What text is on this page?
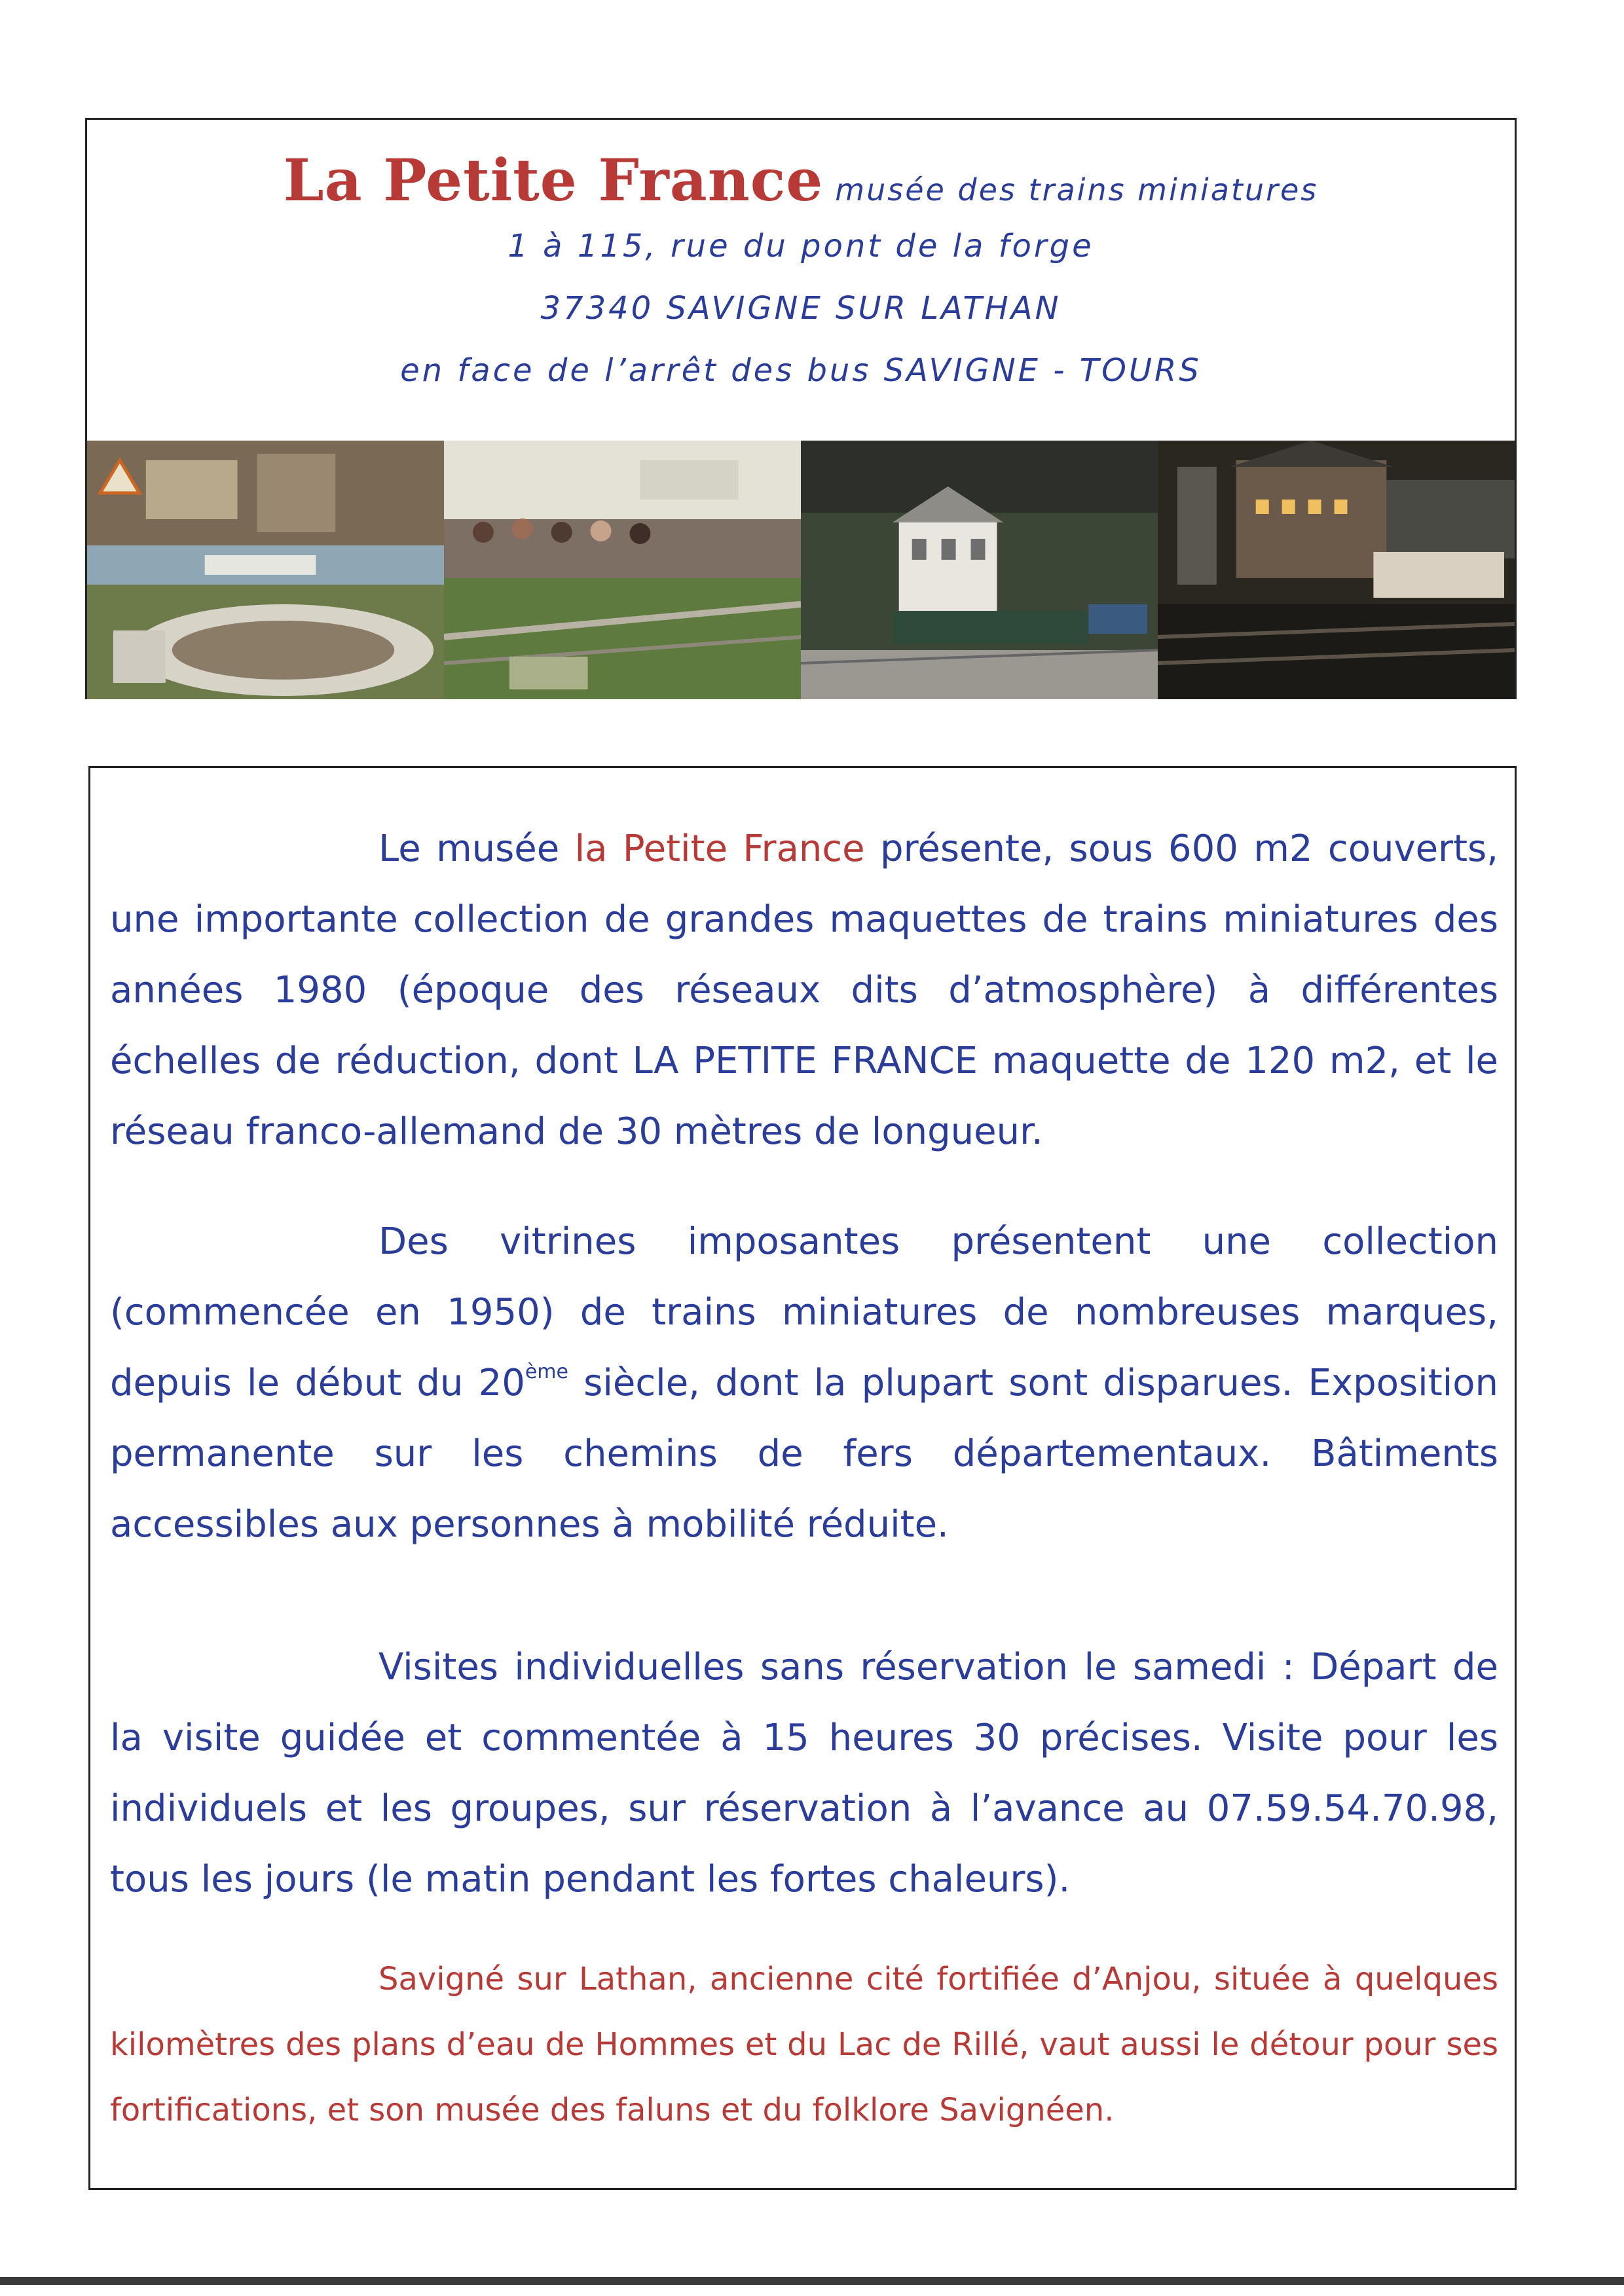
La Petite France musée des trains miniatures
1 à 115, rue du pont de la forge
37340 SAVIGNE SUR LATHAN
en face de l’arrêt des bus SAVIGNE - TOURS
Le musée la Petite France présente, sous 600 m2 couverts, une importante collection de grandes maquettes de trains miniatures des années 1980 (époque des réseaux dits d’atmosphère) à différentes échelles de réduction, dont LA PETITE FRANCE maquette de 120 m2, et le réseau franco-allemand de 30 mètres de longueur.
Des vitrines imposantes présentent une collection (commencée en 1950) de trains miniatures de nombreuses marques, depuis le début du 20ème siècle, dont la plupart sont disparues. Exposition permanente sur les chemins de fers départementaux. Bâtiments accessibles aux personnes à mobilité réduite.
Visites individuelles sans réservation le samedi : Départ de la visite guidée et commentée à 15 heures 30 précises. Visite pour les individuels et les groupes, sur réservation à l’avance au 07.59.54.70.98, tous les jours (le matin pendant les fortes chaleurs).
Savigné sur Lathan, ancienne cité fortifiée d’Anjou, située à quelques kilomètres des plans d’eau de Hommes et du Lac de Rillé, vaut aussi le détour pour ses fortifications, et son musée des faluns et du folklore Savignéen.
